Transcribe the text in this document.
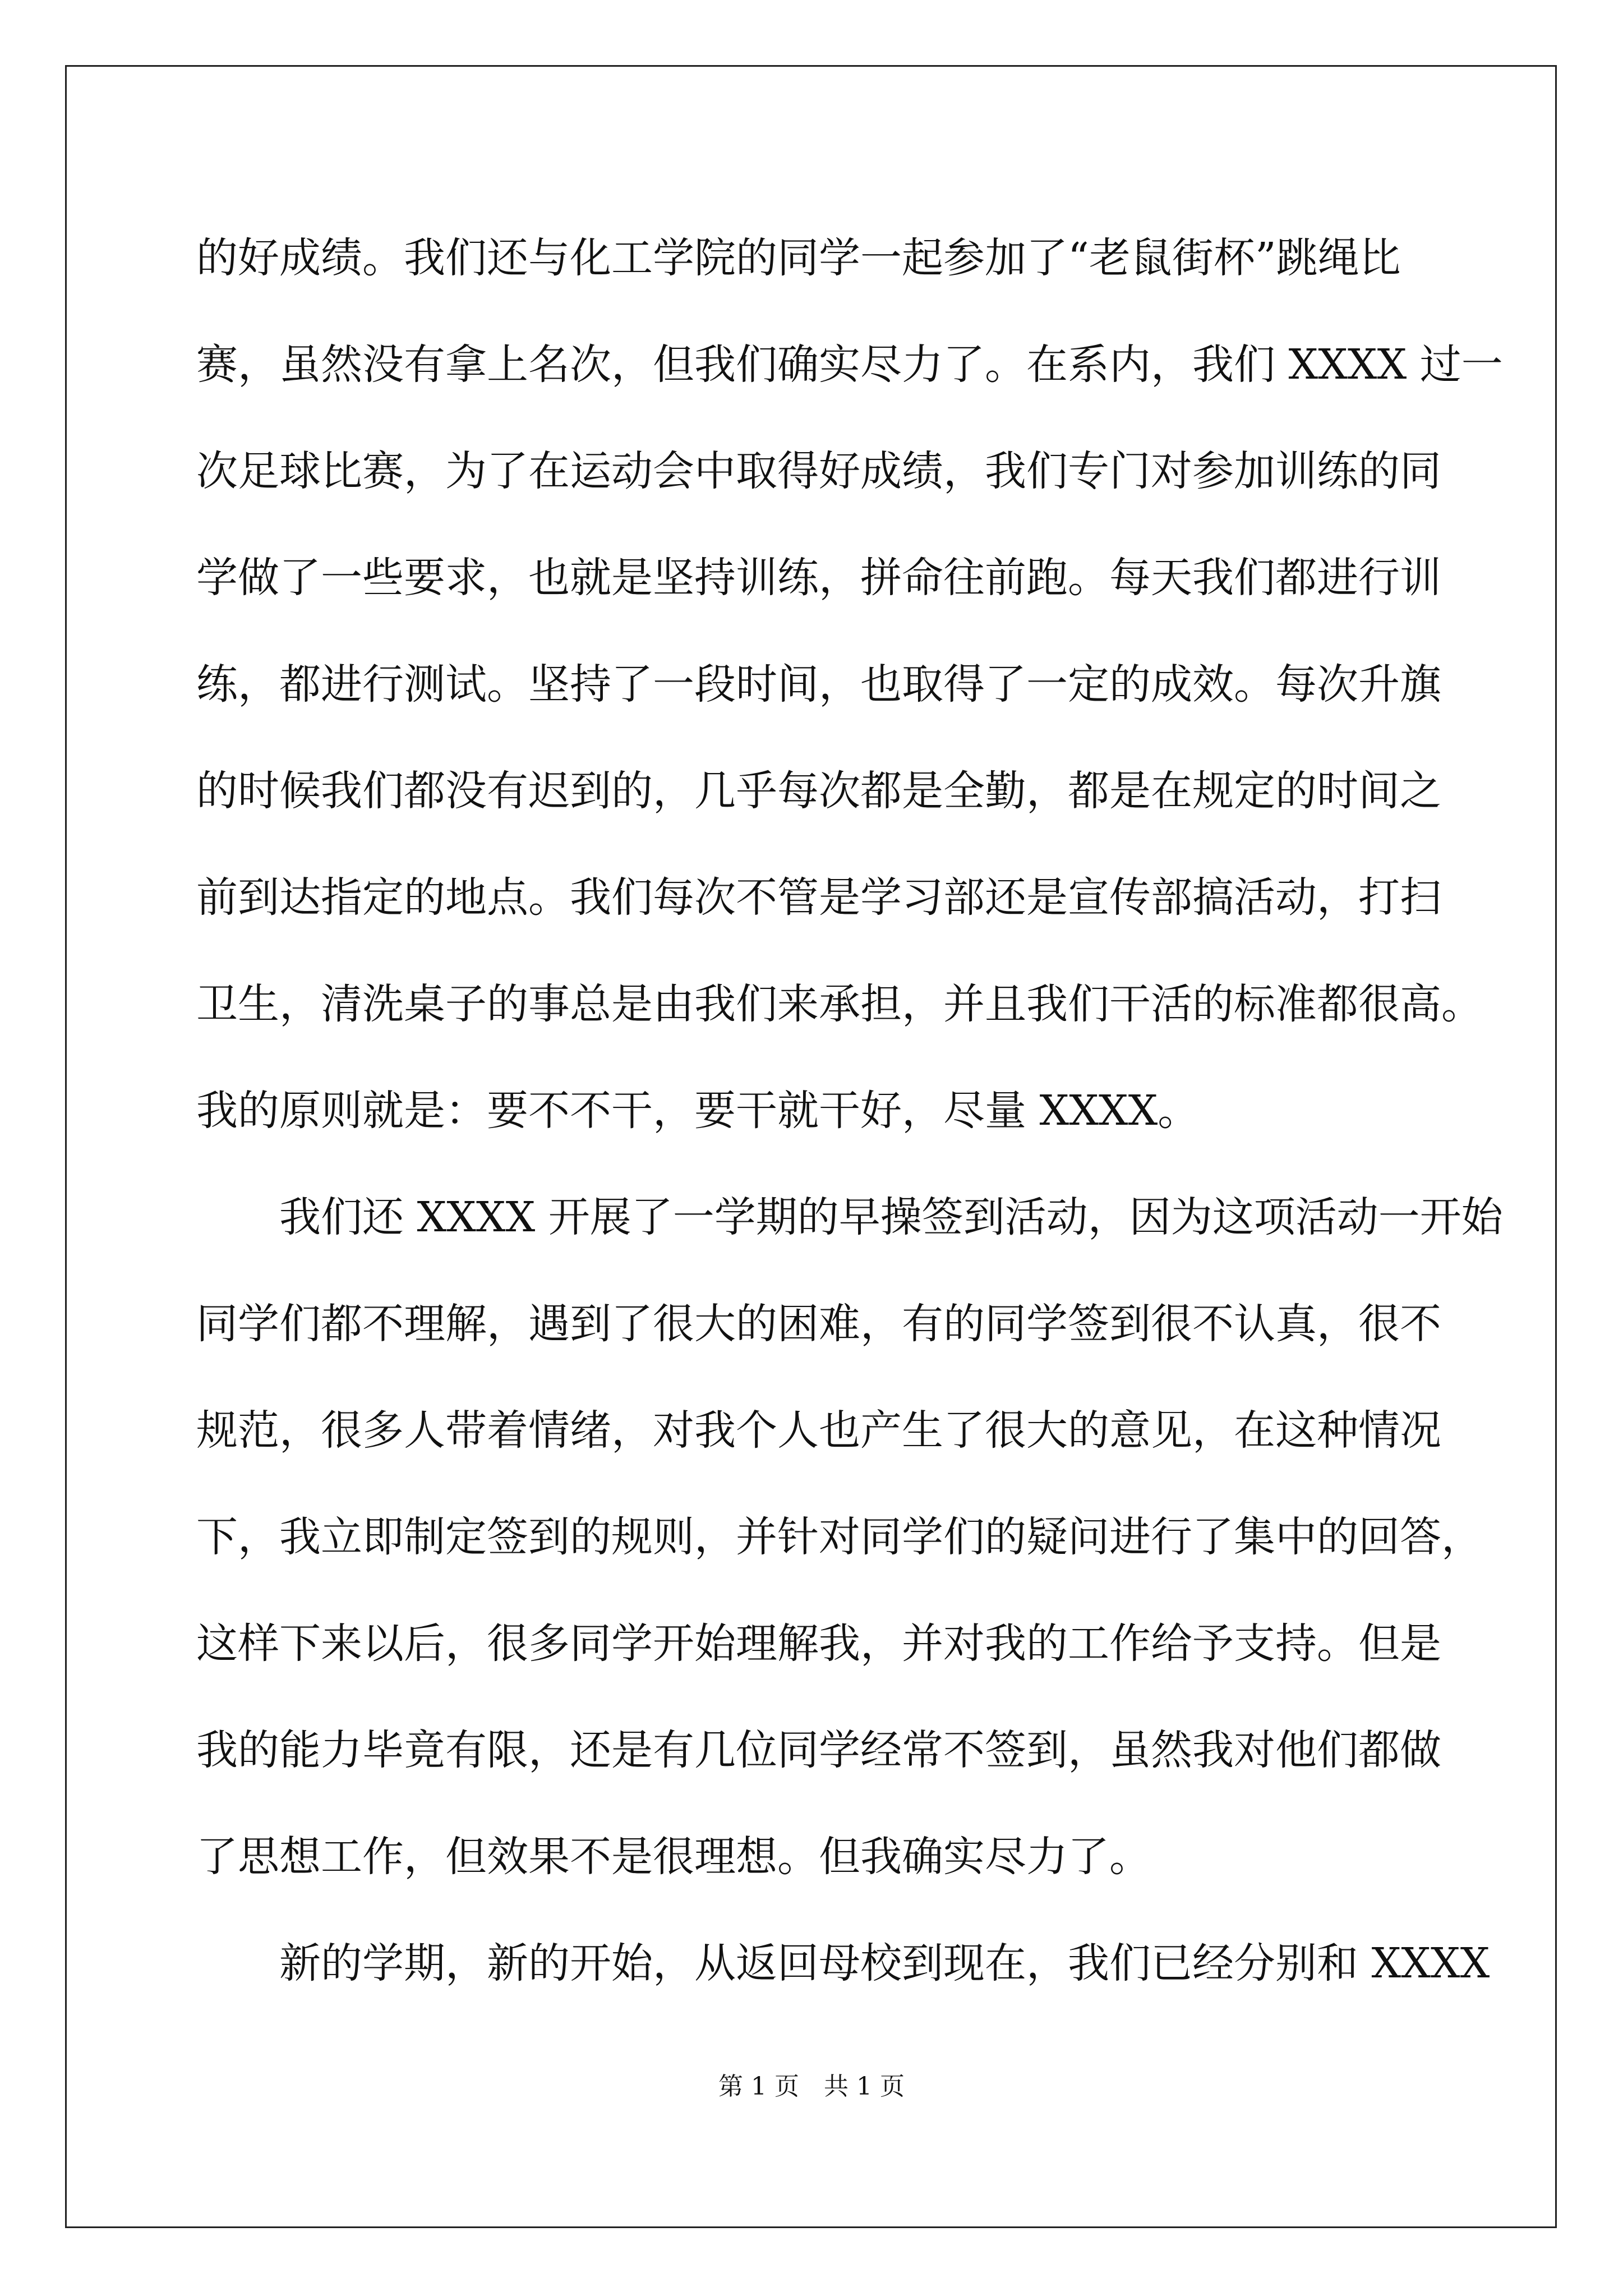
的好成绩。我们还与化工学院的同学一起参加了“老鼠街杯”跳绳比
赛，虽然没有拿上名次，但我们确实尽力了。在系内，我们 XXXX 过一
次足球比赛，为了在运动会中取得好成绩，我们专门对参加训练的同
学做了一些要求，也就是坚持训练，拼命往前跑。每天我们都进行训
练，都进行测试。坚持了一段时间，也取得了一定的成效。每次升旗
的时候我们都没有迟到的，几乎每次都是全勤，都是在规定的时间之
前到达指定的地点。我们每次不管是学习部还是宣传部搞活动，打扫
卫生，清洗桌子的事总是由我们来承担，并且我们干活的标准都很高。
我的原则就是：要不不干，要干就干好，尽量 XXXX。
我们还 XXXX 开展了一学期的早操签到活动，因为这项活动一开始
同学们都不理解，遇到了很大的困难，有的同学签到很不认真，很不
规范，很多人带着情绪，对我个人也产生了很大的意见，在这种情况
下，我立即制定签到的规则，并针对同学们的疑问进行了集中的回答，
这样下来以后，很多同学开始理解我，并对我的工作给予支持。但是
我的能力毕竟有限，还是有几位同学经常不签到，虽然我对他们都做
了思想工作，但效果不是很理想。但我确实尽力了。
新的学期，新的开始，从返回母校到现在，我们已经分别和 XXXX
第 1 页　共 1 页
